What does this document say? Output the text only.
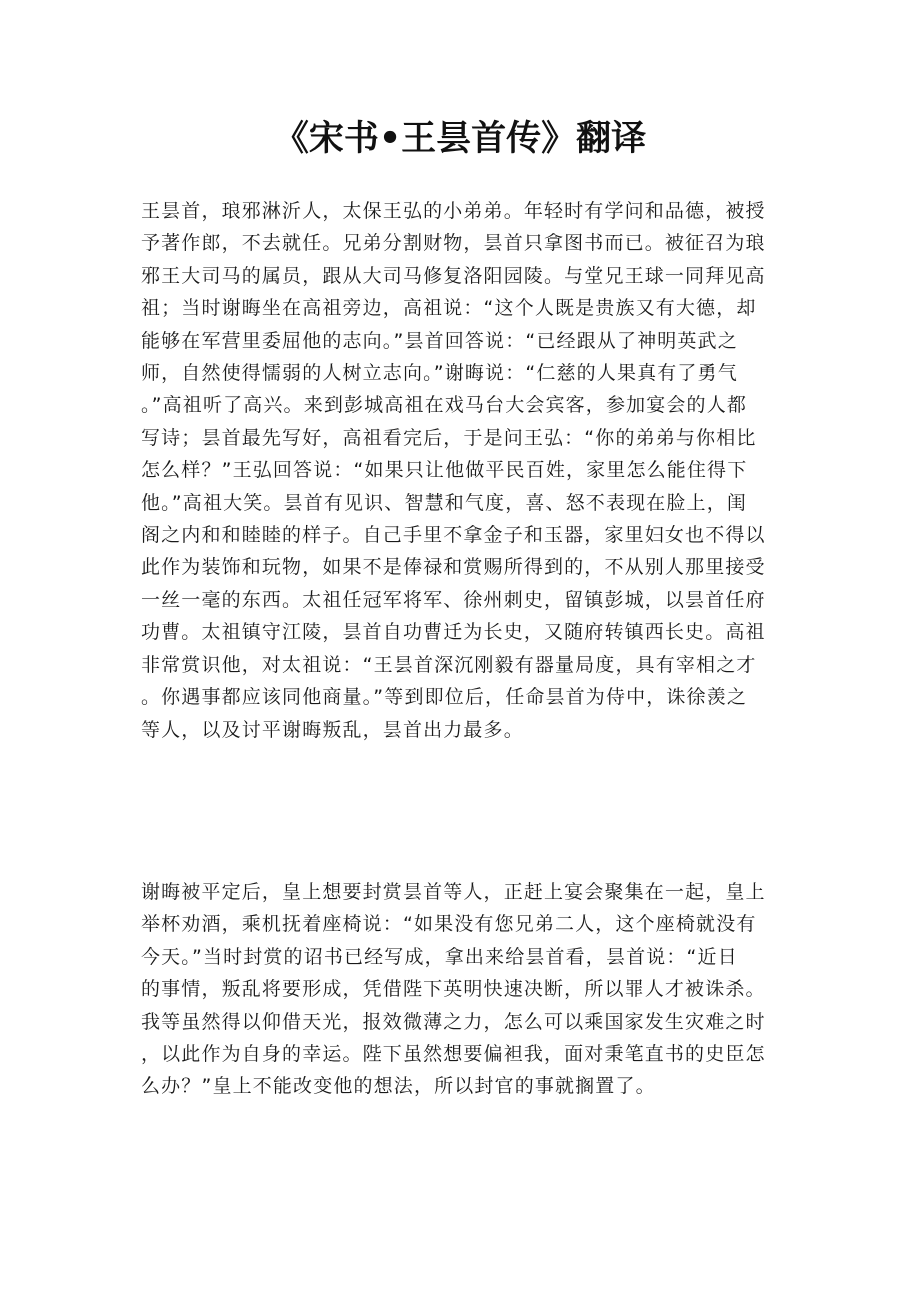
《宋书•王昙首传》翻译
王昙首，琅邪淋沂人，太保王弘的小弟弟。年轻时有学问和品德，被授
予著作郎，不去就任。兄弟分割财物，昙首只拿图书而已。被征召为琅
邪王大司马的属员，跟从大司马修复洛阳园陵。与堂兄王球一同拜见高
祖；当时谢晦坐在高祖旁边，高祖说：“这个人既是贵族又有大德，却
能够在军营里委屈他的志向。”昙首回答说：“已经跟从了神明英武之
师，自然使得懦弱的人树立志向。”谢晦说：“仁慈的人果真有了勇气
。”高祖听了高兴。来到彭城高祖在戏马台大会宾客，参加宴会的人都
写诗；昙首最先写好，高祖看完后，于是问王弘：“你的弟弟与你相比
怎么样？”王弘回答说：“如果只让他做平民百姓，家里怎么能住得下
他。”高祖大笑。昙首有见识、智慧和气度，喜、怒不表现在脸上，闺
阁之内和和睦睦的样子。自己手里不拿金子和玉器，家里妇女也不得以
此作为装饰和玩物，如果不是俸禄和赏赐所得到的，不从别人那里接受
一丝一毫的东西。太祖任冠军将军、徐州刺史，留镇彭城，以昙首任府
功曹。太祖镇守江陵，昙首自功曹迁为长史，又随府转镇西长史。高祖
非常赏识他，对太祖说：“王昙首深沉刚毅有器量局度，具有宰相之才
。你遇事都应该同他商量。”等到即位后，任命昙首为侍中，诛徐羡之
等人，以及讨平谢晦叛乱，昙首出力最多。
谢晦被平定后，皇上想要封赏昙首等人，正赶上宴会聚集在一起，皇上
举杯劝酒，乘机抚着座椅说：“如果没有您兄弟二人，这个座椅就没有
今天。”当时封赏的诏书已经写成，拿出来给昙首看，昙首说：“近日
的事情，叛乱将要形成，凭借陛下英明快速决断，所以罪人才被诛杀。
我等虽然得以仰借天光，报效微薄之力，怎么可以乘国家发生灾难之时
，以此作为自身的幸运。陛下虽然想要偏袒我，面对秉笔直书的史臣怎
么办？”皇上不能改变他的想法，所以封官的事就搁置了。
